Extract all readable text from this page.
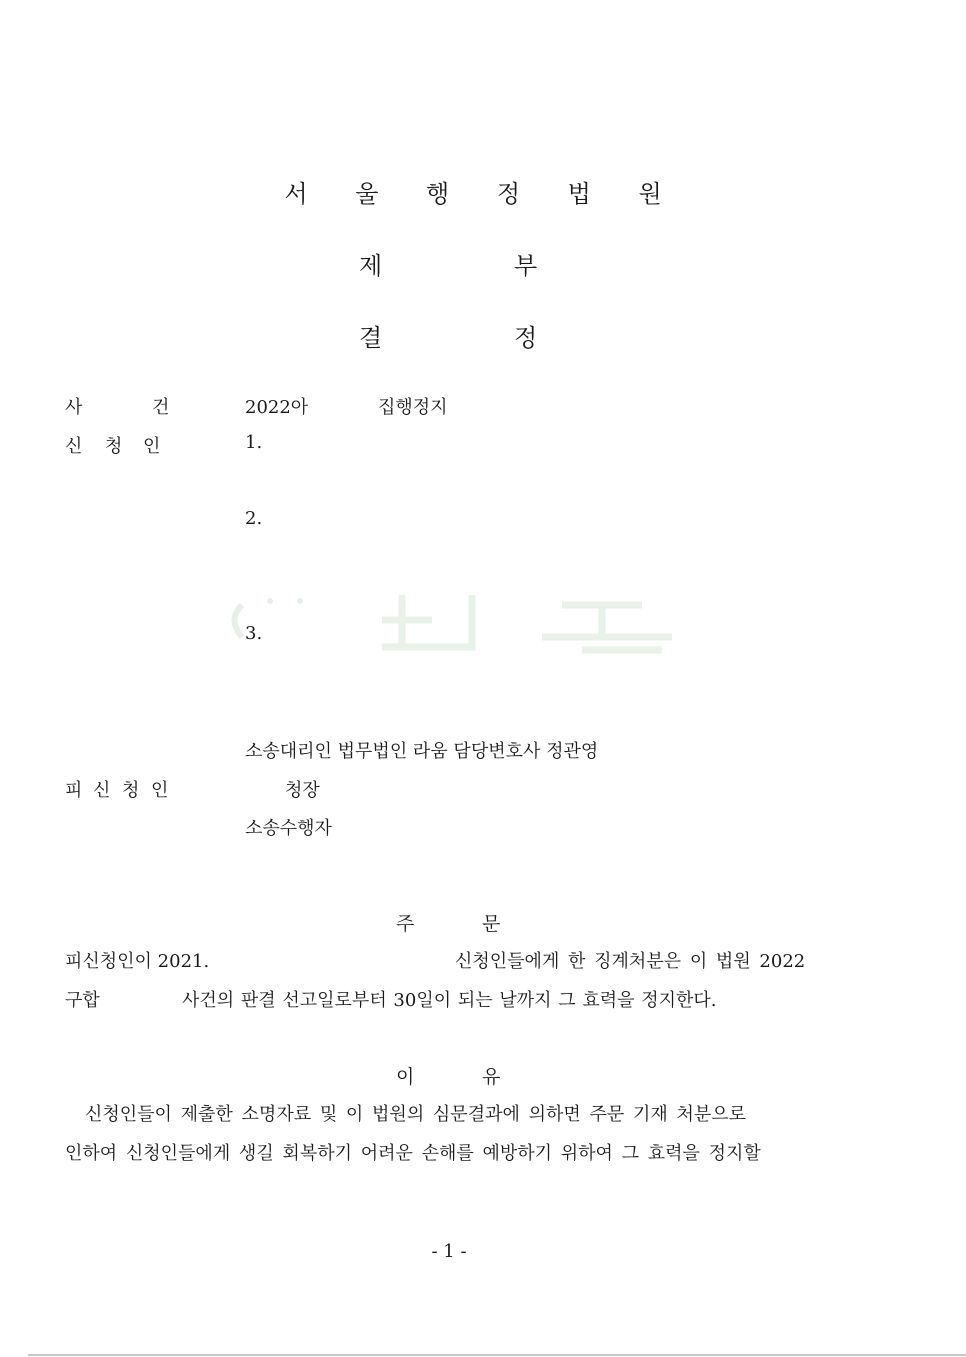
서 울 행 정 법 원
제	부
결	정
사	건	2022아	집행정지
신 청 인	1.
2.
3.
소송대리인 법무법인 라움 담당변호사 정관영
피 신 청 인	청장
소송수행자
주	문
피신청인이 2021.	신청인들에게 한 징계처분은 이 법원 2022
구합	사건의 판결 선고일로부터 30일이 되는 날까지 그 효력을 정지한다.
이	유
신청인들이 제출한 소명자료 및 이 법원의 심문결과에 의하면 주문 기재 처분으로
인하여 신청인들에게 생길 회복하기 어려운 손해를 예방하기 위하여 그 효력을 정지할
- 1 -
